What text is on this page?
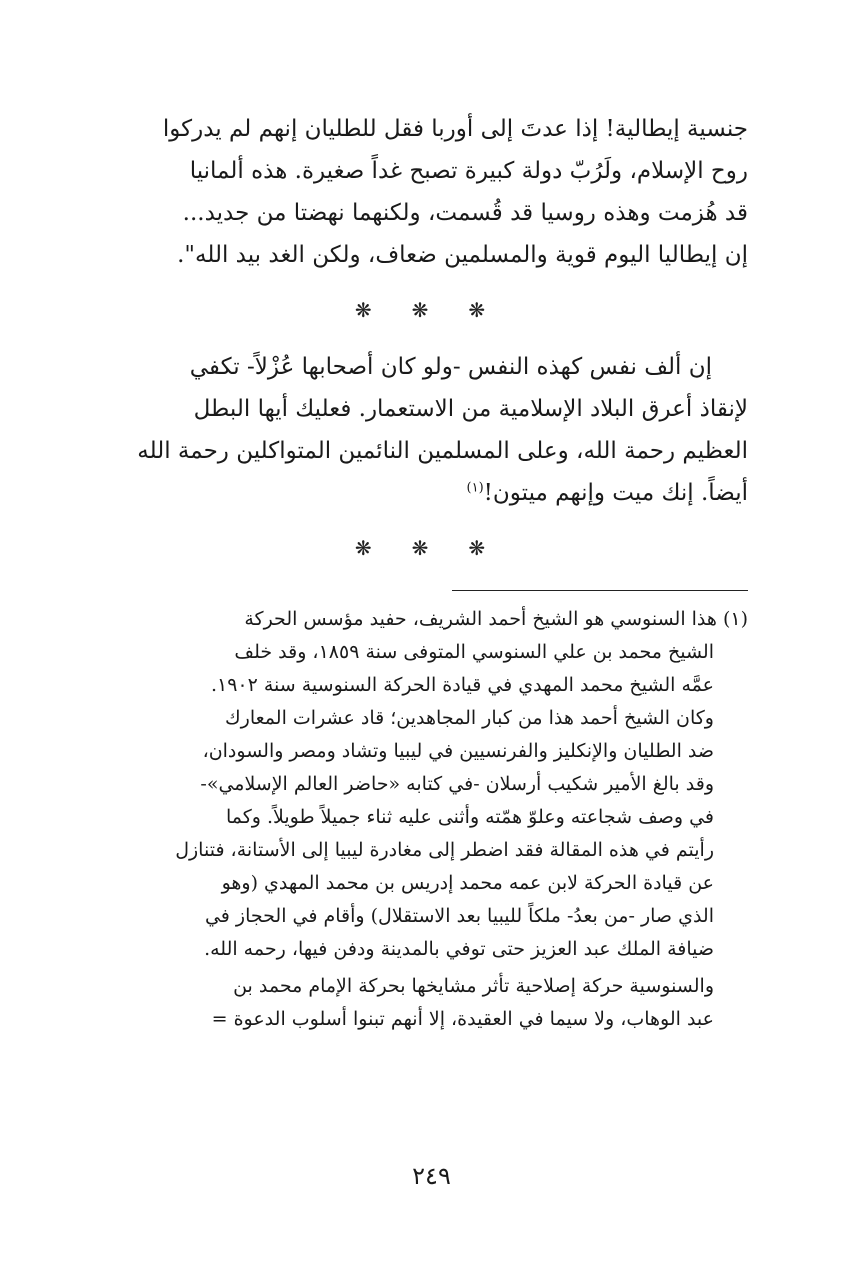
جنسية إيطالية! إذا عدتَ إلى أوربا فقل للطليان إنهم لم يدركوا

روح الإسلام، ولَرُبّ دولة كبيرة تصبح غداً صغيرة. هذه ألمانيا

قد هُزمت وهذه روسيا قد قُسمت، ولكنهما نهضتا من جديد...

إن إيطاليا اليوم قوية والمسلمين ضعاف، ولكن الغد بيد الله".

❋ ❋ ❋

إن ألف نفس كهذه النفس -ولو كان أصحابها عُزْلاً- تكفي

لإنقاذ أعرق البلاد الإسلامية من الاستعمار. فعليك أيها البطل

العظيم رحمة الله، وعلى المسلمين النائمين المتواكلين رحمة الله

أيضاً. إنك ميت وإنهم ميتون!$^{(١)}$

❋ ❋ ❋

(١)هذا السنوسي هو الشيخ أحمد الشريف، حفيد مؤسس الحركة

الشيخ محمد بن علي السنوسي المتوفى سنة ١٨٥٩، وقد خلف

عمَّه الشيخ محمد المهدي في قيادة الحركة السنوسية سنة ١٩٠٢.

وكان الشيخ أحمد هذا من كبار المجاهدين؛ قاد عشرات المعارك

ضد الطليان والإنكليز والفرنسيين في ليبيا وتشاد ومصر والسودان،

وقد بالغ الأمير شكيب أرسلان -في كتابه «حاضر العالم الإسلامي»-

في وصف شجاعته وعلوّ همّته وأثنى عليه ثناء جميلاً طويلاً. وكما

رأيتم في هذه المقالة فقد اضطر إلى مغادرة ليبيا إلى الأستانة، فتنازل

عن قيادة الحركة لابن عمه محمد إدريس بن محمد المهدي (وهو

الذي صار -من بعدُ- ملكاً لليبيا بعد الاستقلال) وأقام في الحجاز في

ضيافة الملك عبد العزيز حتى توفي بالمدينة ودفن فيها، رحمه الله.

والسنوسية حركة إصلاحية تأثر مشايخها بحركة الإمام محمد بن

عبد الوهاب، ولا سيما في العقيدة، إلا أنهم تبنوا أسلوب الدعوة =

٢٤٩
